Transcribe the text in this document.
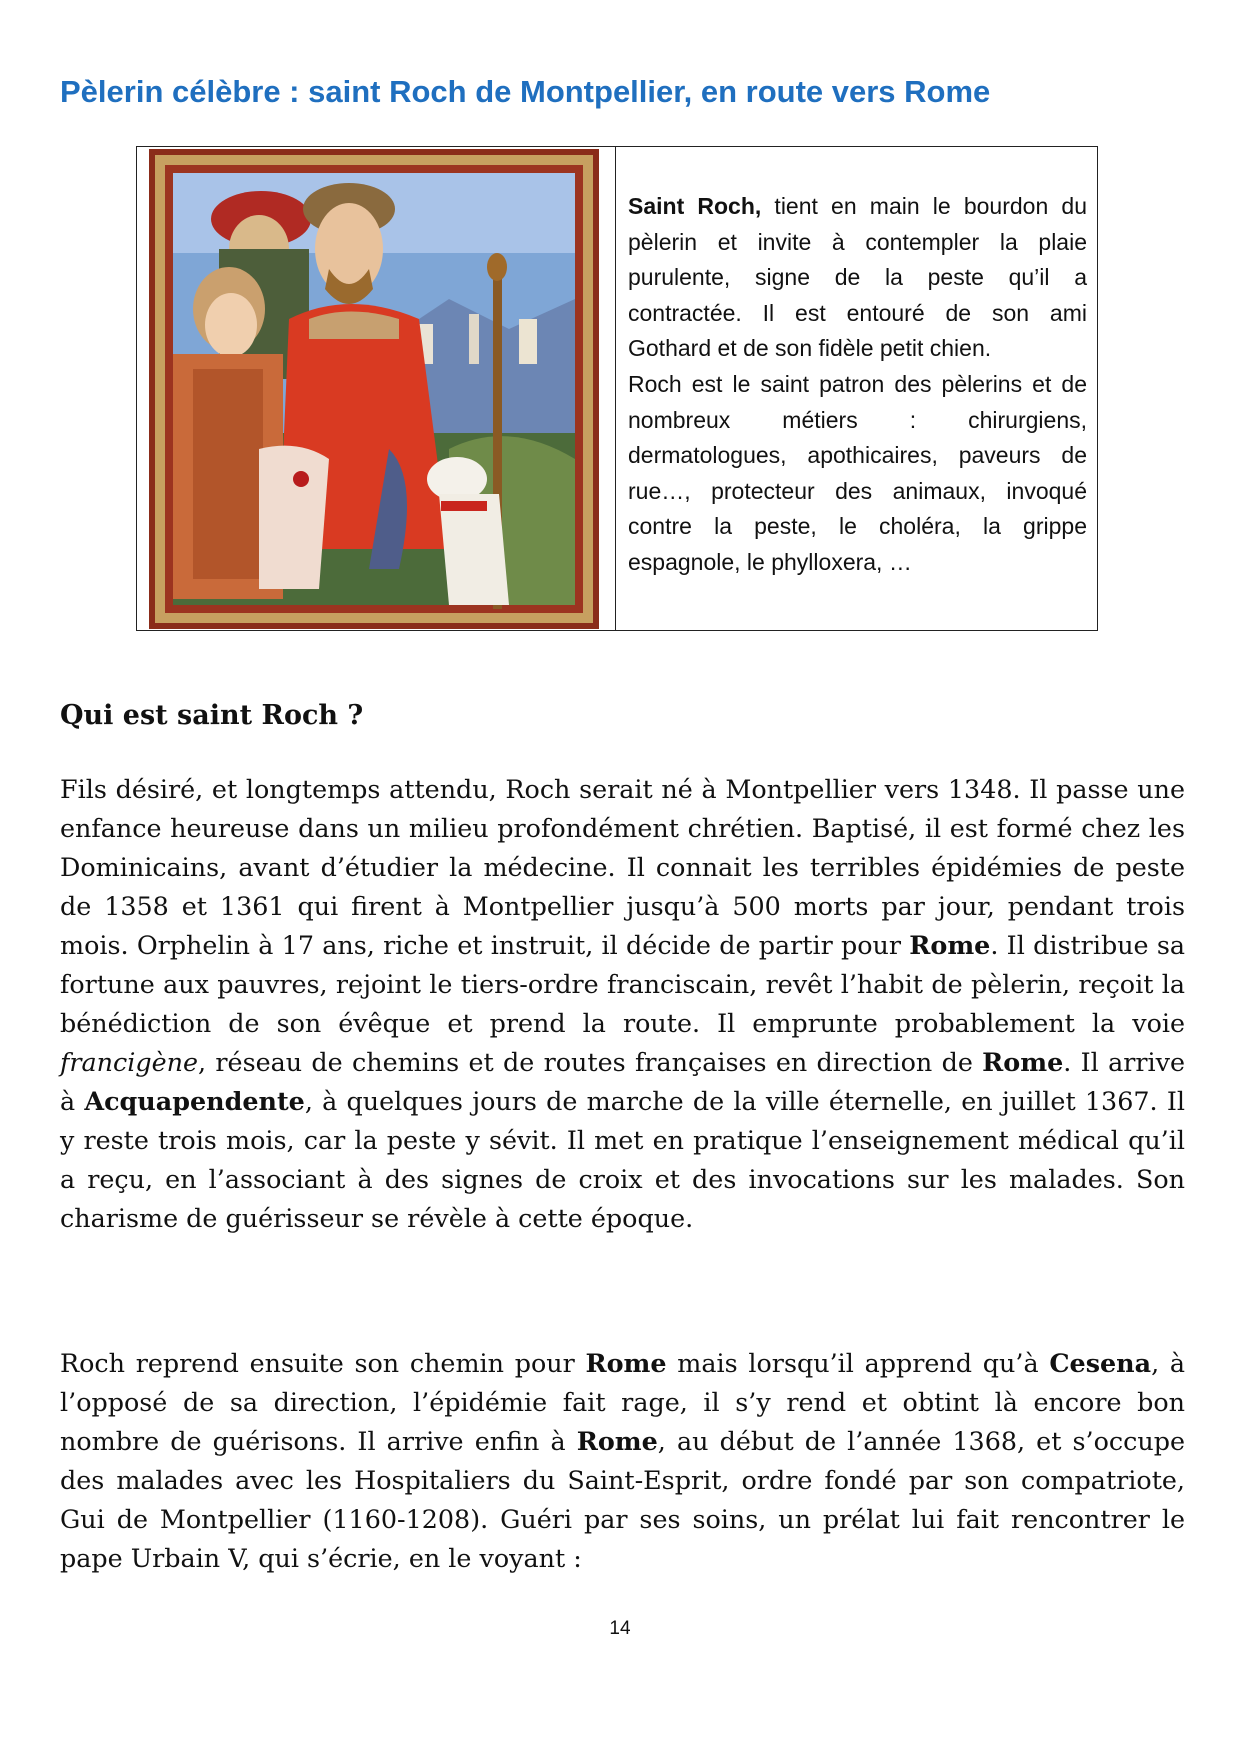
Pèlerin célèbre : saint Roch de Montpellier, en route vers Rome

Saint Roch, tient en main le bourdon du pèlerin et invite à contempler la plaie purulente, signe de la peste qu’il a contractée. Il est entouré de son ami Gothard et de son fidèle petit chien.

Roch est le saint patron des pèlerins et de nombreux métiers : chirurgiens, dermatologues, apothicaires, paveurs de rue…, protecteur des animaux, invoqué contre la peste, le choléra, la grippe espagnole, le phylloxera, …

Qui est saint Roch ?

Fils désiré, et longtemps attendu, Roch serait né à Montpellier vers 1348. Il passe une enfance heureuse dans un milieu profondément chrétien. Baptisé, il est formé chez les Dominicains, avant d’étudier la médecine. Il connait les terribles épidémies de peste de 1358 et 1361 qui firent à Montpellier jusqu’à 500 morts par jour, pendant trois mois. Orphelin à 17 ans, riche et instruit, il décide de partir pour Rome. Il distribue sa fortune aux pauvres, rejoint le tiers-ordre franciscain, revêt l’habit de pèlerin, reçoit la bénédiction de son évêque et prend la route. Il emprunte probablement la voie francigène, réseau de chemins et de routes françaises en direction de Rome. Il arrive à Acquapendente, à quelques jours de marche de la ville éternelle, en juillet 1367. Il y reste trois mois, car la peste y sévit. Il met en pratique l’enseignement médical qu’il a reçu, en l’associant à des signes de croix et des invocations sur les malades. Son charisme de guérisseur se révèle à cette époque.

Roch reprend ensuite son chemin pour Rome mais lorsqu’il apprend qu’à Cesena, à l’opposé de sa direction, l’épidémie fait rage, il s’y rend et obtint là encore bon nombre de guérisons. Il arrive enfin à Rome, au début de l’année 1368, et s’occupe des malades avec les Hospitaliers du Saint-Esprit, ordre fondé par son compatriote, Gui de Montpellier (1160-1208). Guéri par ses soins, un prélat lui fait rencontrer le pape Urbain V, qui s’écrie, en le voyant :

14
